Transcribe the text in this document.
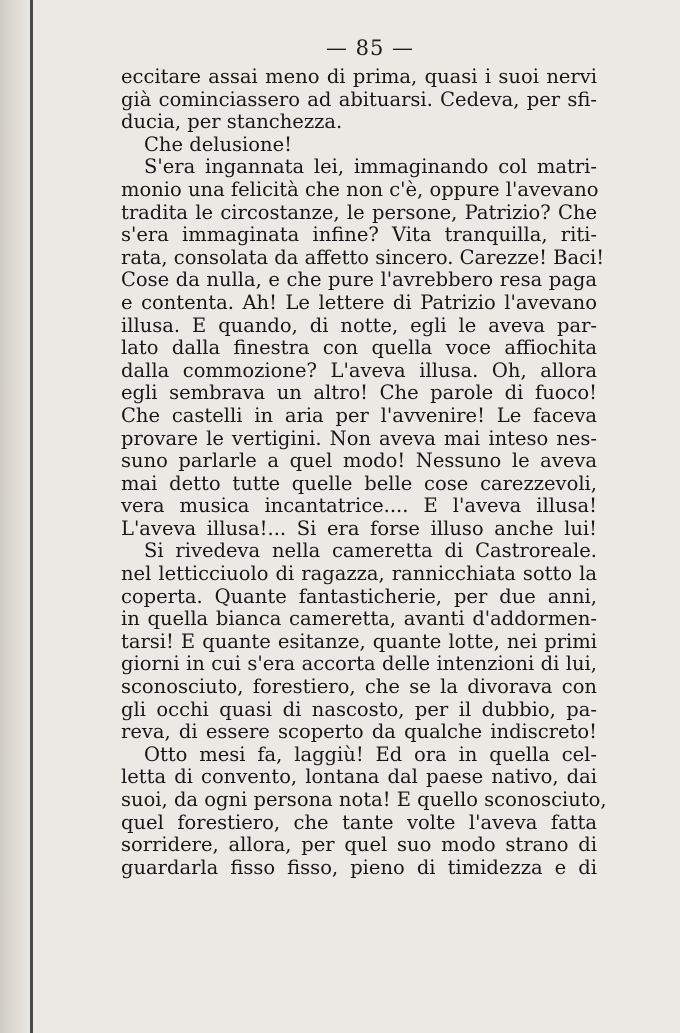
— 85 —
eccitare assai meno di prima, quasi i suoi nervi
già cominciassero ad abituarsi. Cedeva, per sfi-
ducia, per stanchezza.
Che delusione!
S'era ingannata lei, immaginando col matri-
monio una felicità che non c'è, oppure l'avevano
tradita le circostanze, le persone, Patrizio? Che
s'era immaginata infine? Vita tranquilla, riti-
rata, consolata da affetto sincero. Carezze! Baci!
Cose da nulla, e che pure l'avrebbero resa paga
e contenta. Ah! Le lettere di Patrizio l'avevano
illusa. E quando, di notte, egli le aveva par-
lato dalla finestra con quella voce affiochita
dalla commozione? L'aveva illusa. Oh, allora
egli sembrava un altro! Che parole di fuoco!
Che castelli in aria per l'avvenire! Le faceva
provare le vertigini. Non aveva mai inteso nes-
suno parlarle a quel modo! Nessuno le aveva
mai detto tutte quelle belle cose carezzevoli,
vera musica incantatrice.... E l'aveva illusa!
L'aveva illusa!... Si era forse illuso anche lui!
Si rivedeva nella cameretta di Castroreale.
nel letticciuolo di ragazza, rannicchiata sotto la
coperta. Quante fantasticherie, per due anni,
in quella bianca cameretta, avanti d'addormen-
tarsi! E quante esitanze, quante lotte, nei primi
giorni in cui s'era accorta delle intenzioni di lui,
sconosciuto, forestiero, che se la divorava con
gli occhi quasi di nascosto, per il dubbio, pa-
reva, di essere scoperto da qualche indiscreto!
Otto mesi fa, laggiù! Ed ora in quella cel-
letta di convento, lontana dal paese nativo, dai
suoi, da ogni persona nota! E quello sconosciuto,
quel forestiero, che tante volte l'aveva fatta
sorridere, allora, per quel suo modo strano di
guardarla fisso fisso, pieno di timidezza e di
